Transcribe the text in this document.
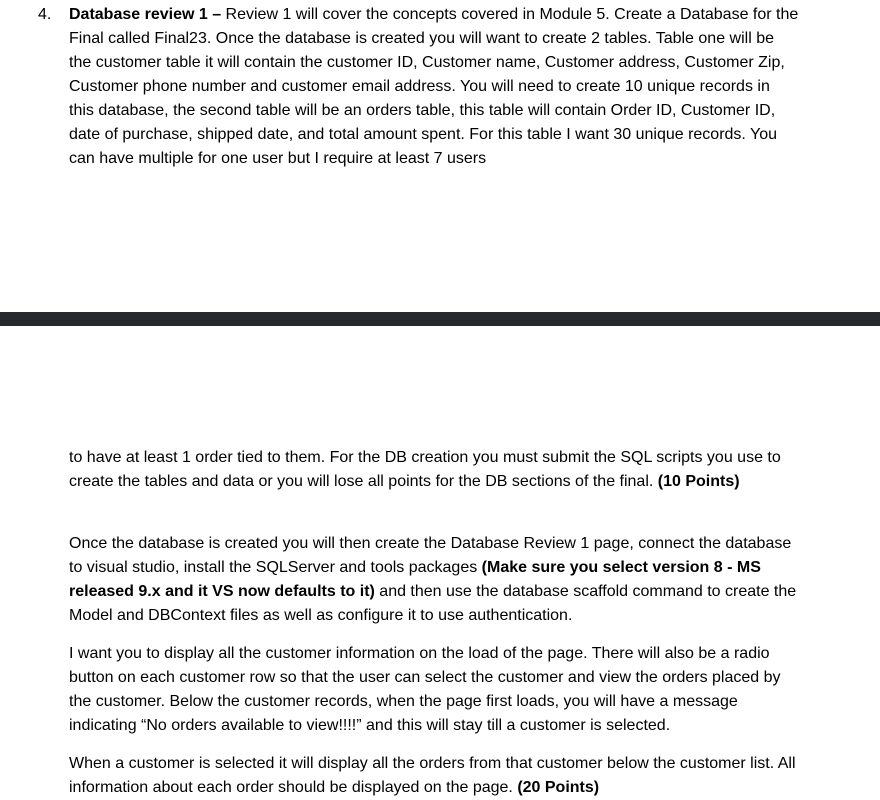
4. Database review 1 – Review 1 will cover the concepts covered in Module 5. Create a Database for the Final called Final23. Once the database is created you will want to create 2 tables. Table one will be the customer table it will contain the customer ID, Customer name, Customer address, Customer Zip, Customer phone number and customer email address. You will need to create 10 unique records in this database, the second table will be an orders table, this table will contain Order ID, Customer ID, date of purchase, shipped date, and total amount spent. For this table I want 30 unique records. You can have multiple for one user but I require at least 7 users

to have at least 1 order tied to them. For the DB creation you must submit the SQL scripts you use to create the tables and data or you will lose all points for the DB sections of the final. (10 Points)

Once the database is created you will then create the Database Review 1 page, connect the database to visual studio, install the SQLServer and tools packages (Make sure you select version 8 - MS released 9.x and it VS now defaults to it) and then use the database scaffold command to create the Model and DBContext files as well as configure it to use authentication.

I want you to display all the customer information on the load of the page. There will also be a radio button on each customer row so that the user can select the customer and view the orders placed by the customer. Below the customer records, when the page first loads, you will have a message indicating “No orders available to view!!!!” and this will stay till a customer is selected.

When a customer is selected it will display all the orders from that customer below the customer list. All information about each order should be displayed on the page. (20 Points)
